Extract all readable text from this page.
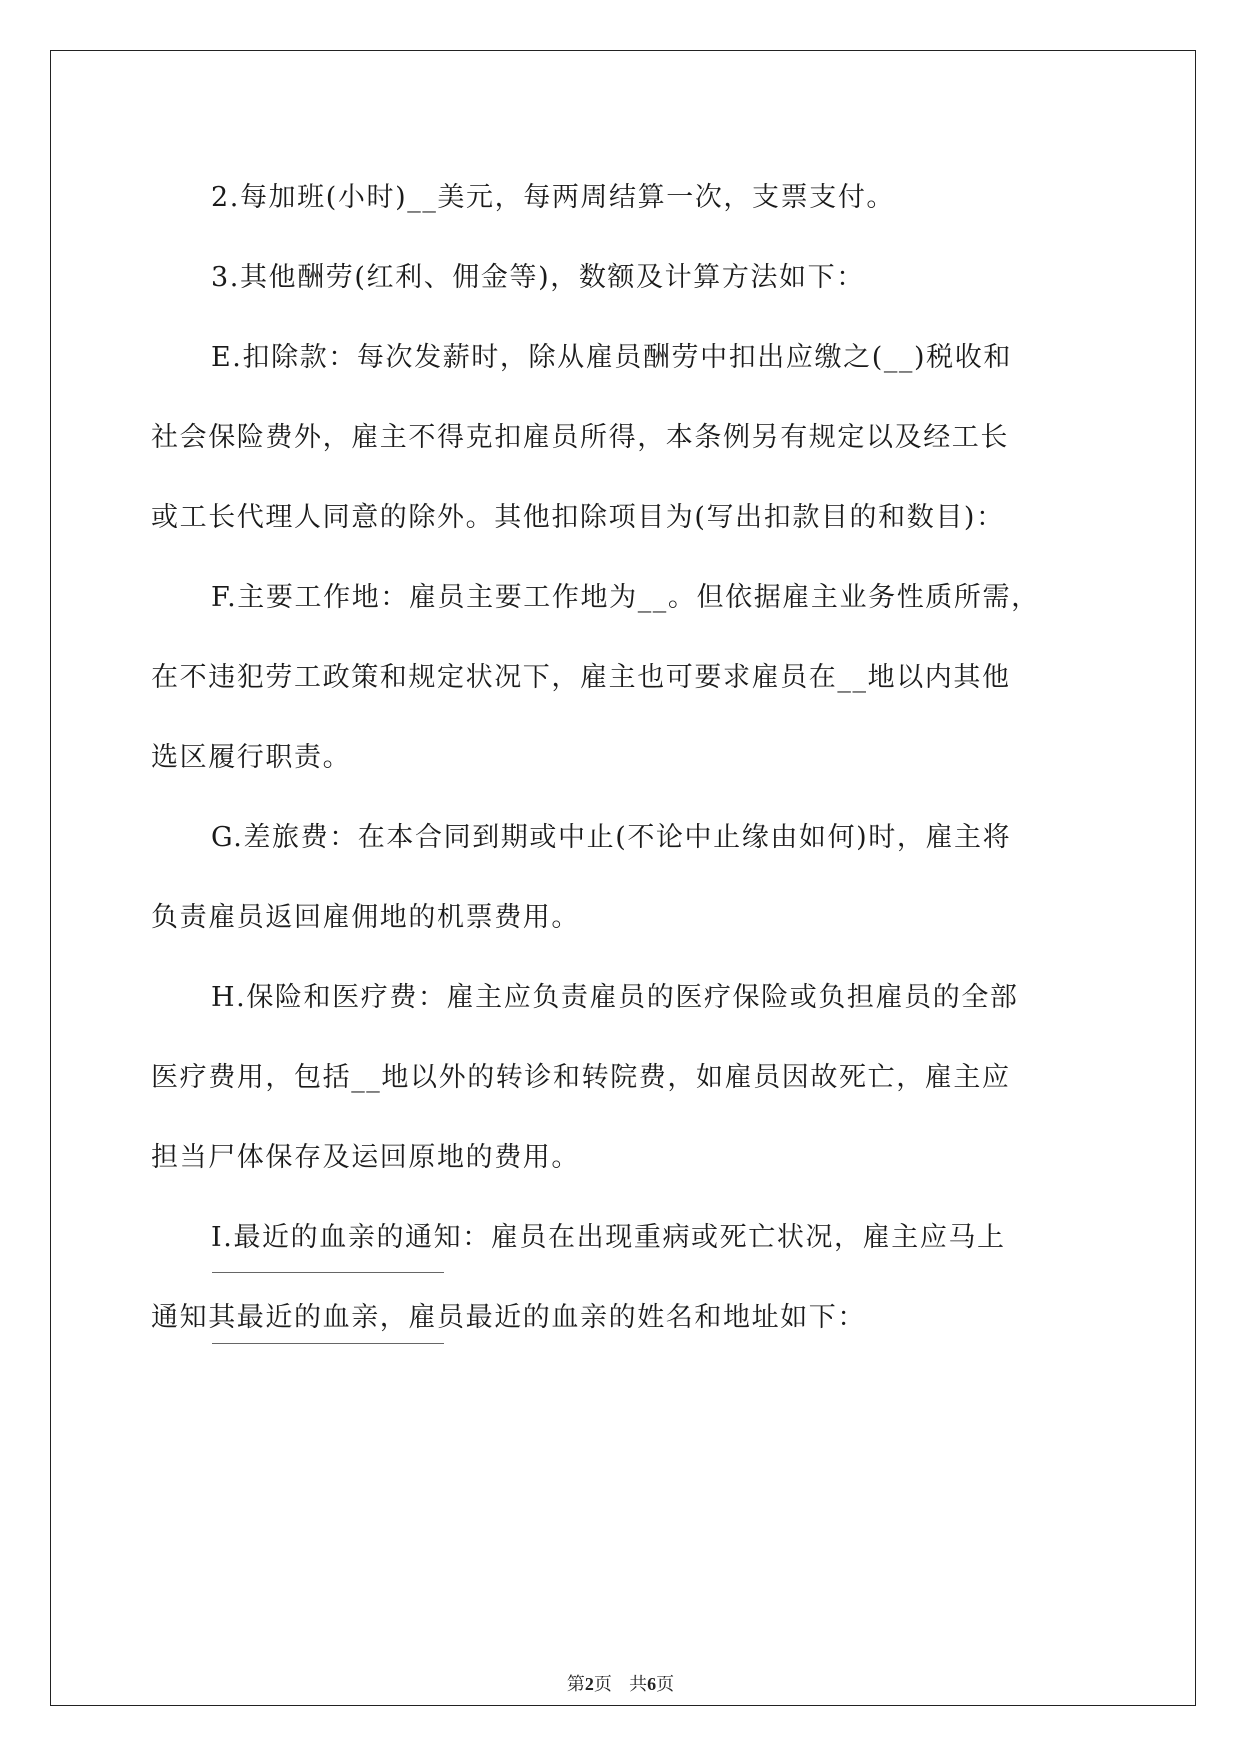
2.每加班(小时)__美元，每两周结算一次，支票支付。
3.其他酬劳(红利、佣金等)，数额及计算方法如下：
E.扣除款：每次发薪时，除从雇员酬劳中扣出应缴之(__)税收和
社会保险费外，雇主不得克扣雇员所得，本条例另有规定以及经工长
或工长代理人同意的除外。其他扣除项目为(写出扣款目的和数目)：
F.主要工作地：雇员主要工作地为__。但依据雇主业务性质所需，
在不违犯劳工政策和规定状况下，雇主也可要求雇员在__地以内其他
选区履行职责。
G.差旅费：在本合同到期或中止(不论中止缘由如何)时，雇主将
负责雇员返回雇佣地的机票费用。
H.保险和医疗费：雇主应负责雇员的医疗保险或负担雇员的全部
医疗费用，包括__地以外的转诊和转院费，如雇员因故死亡，雇主应
担当尸体保存及运回原地的费用。
I.最近的血亲的通知：雇员在出现重病或死亡状况，雇主应马上
通知其最近的血亲，雇员最近的血亲的姓名和地址如下：
第2页 共6页
